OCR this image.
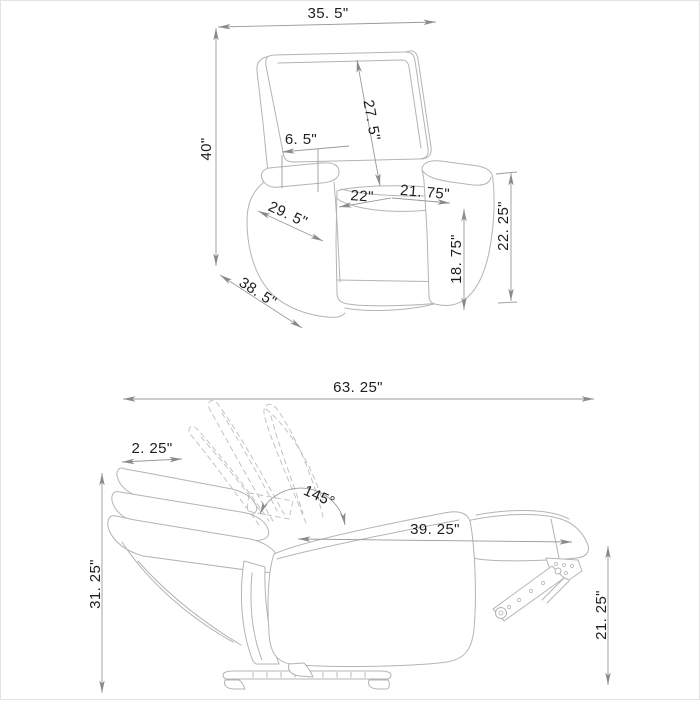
35. 5"
40"
27. 5"
6. 5"
22" 21. 75"
29. 5"
18. 75"
22. 25"
38. 5"
63. 25"
2. 25"
145°
39. 25"
31. 25"
21. 25"
